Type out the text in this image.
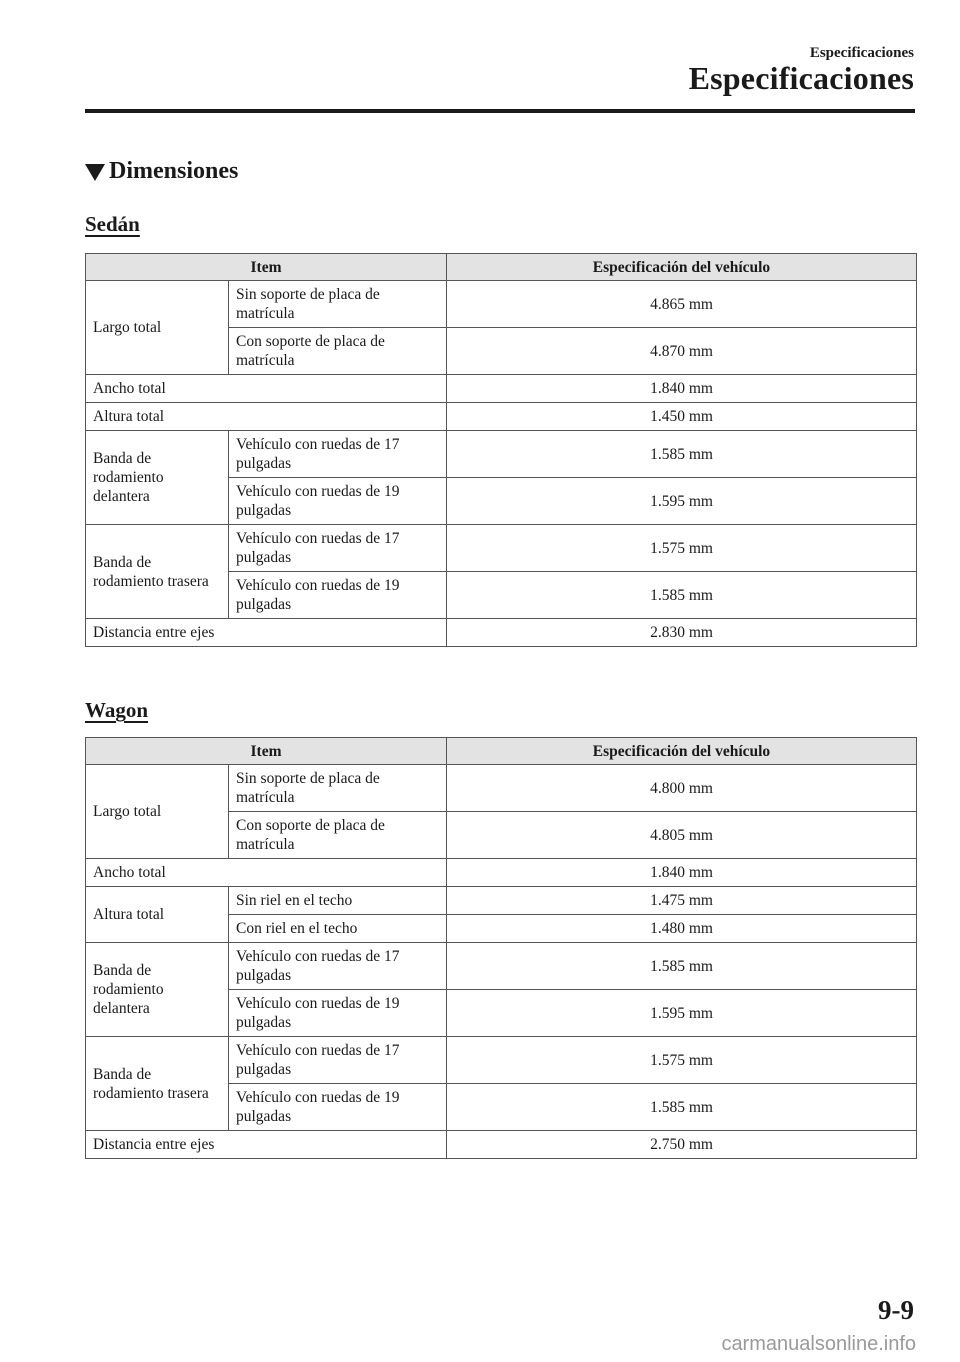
Especificaciones
Especificaciones
Dimensiones
Sedán
Item		Especificación del vehículo
Largo total	Sin soporte de placa de matrícula	4.865 mm
	Con soporte de placa de matrícula	4.870 mm
Ancho total		1.840 mm
Altura total		1.450 mm
Banda de rodamiento delantera	Vehículo con ruedas de 17 pulgadas	1.585 mm
	Vehículo con ruedas de 19 pulgadas	1.595 mm
Banda de rodamiento trasera	Vehículo con ruedas de 17 pulgadas	1.575 mm
	Vehículo con ruedas de 19 pulgadas	1.585 mm
Distancia entre ejes		2.830 mm
Wagon
Item		Especificación del vehículo
Largo total	Sin soporte de placa de matrícula	4.800 mm
	Con soporte de placa de matrícula	4.805 mm
Ancho total		1.840 mm
Altura total	Sin riel en el techo	1.475 mm
	Con riel en el techo	1.480 mm
Banda de rodamiento delantera	Vehículo con ruedas de 17 pulgadas	1.585 mm
	Vehículo con ruedas de 19 pulgadas	1.595 mm
Banda de rodamiento trasera	Vehículo con ruedas de 17 pulgadas	1.575 mm
	Vehículo con ruedas de 19 pulgadas	1.585 mm
Distancia entre ejes		2.750 mm
9-9
carmanualsonline.info
